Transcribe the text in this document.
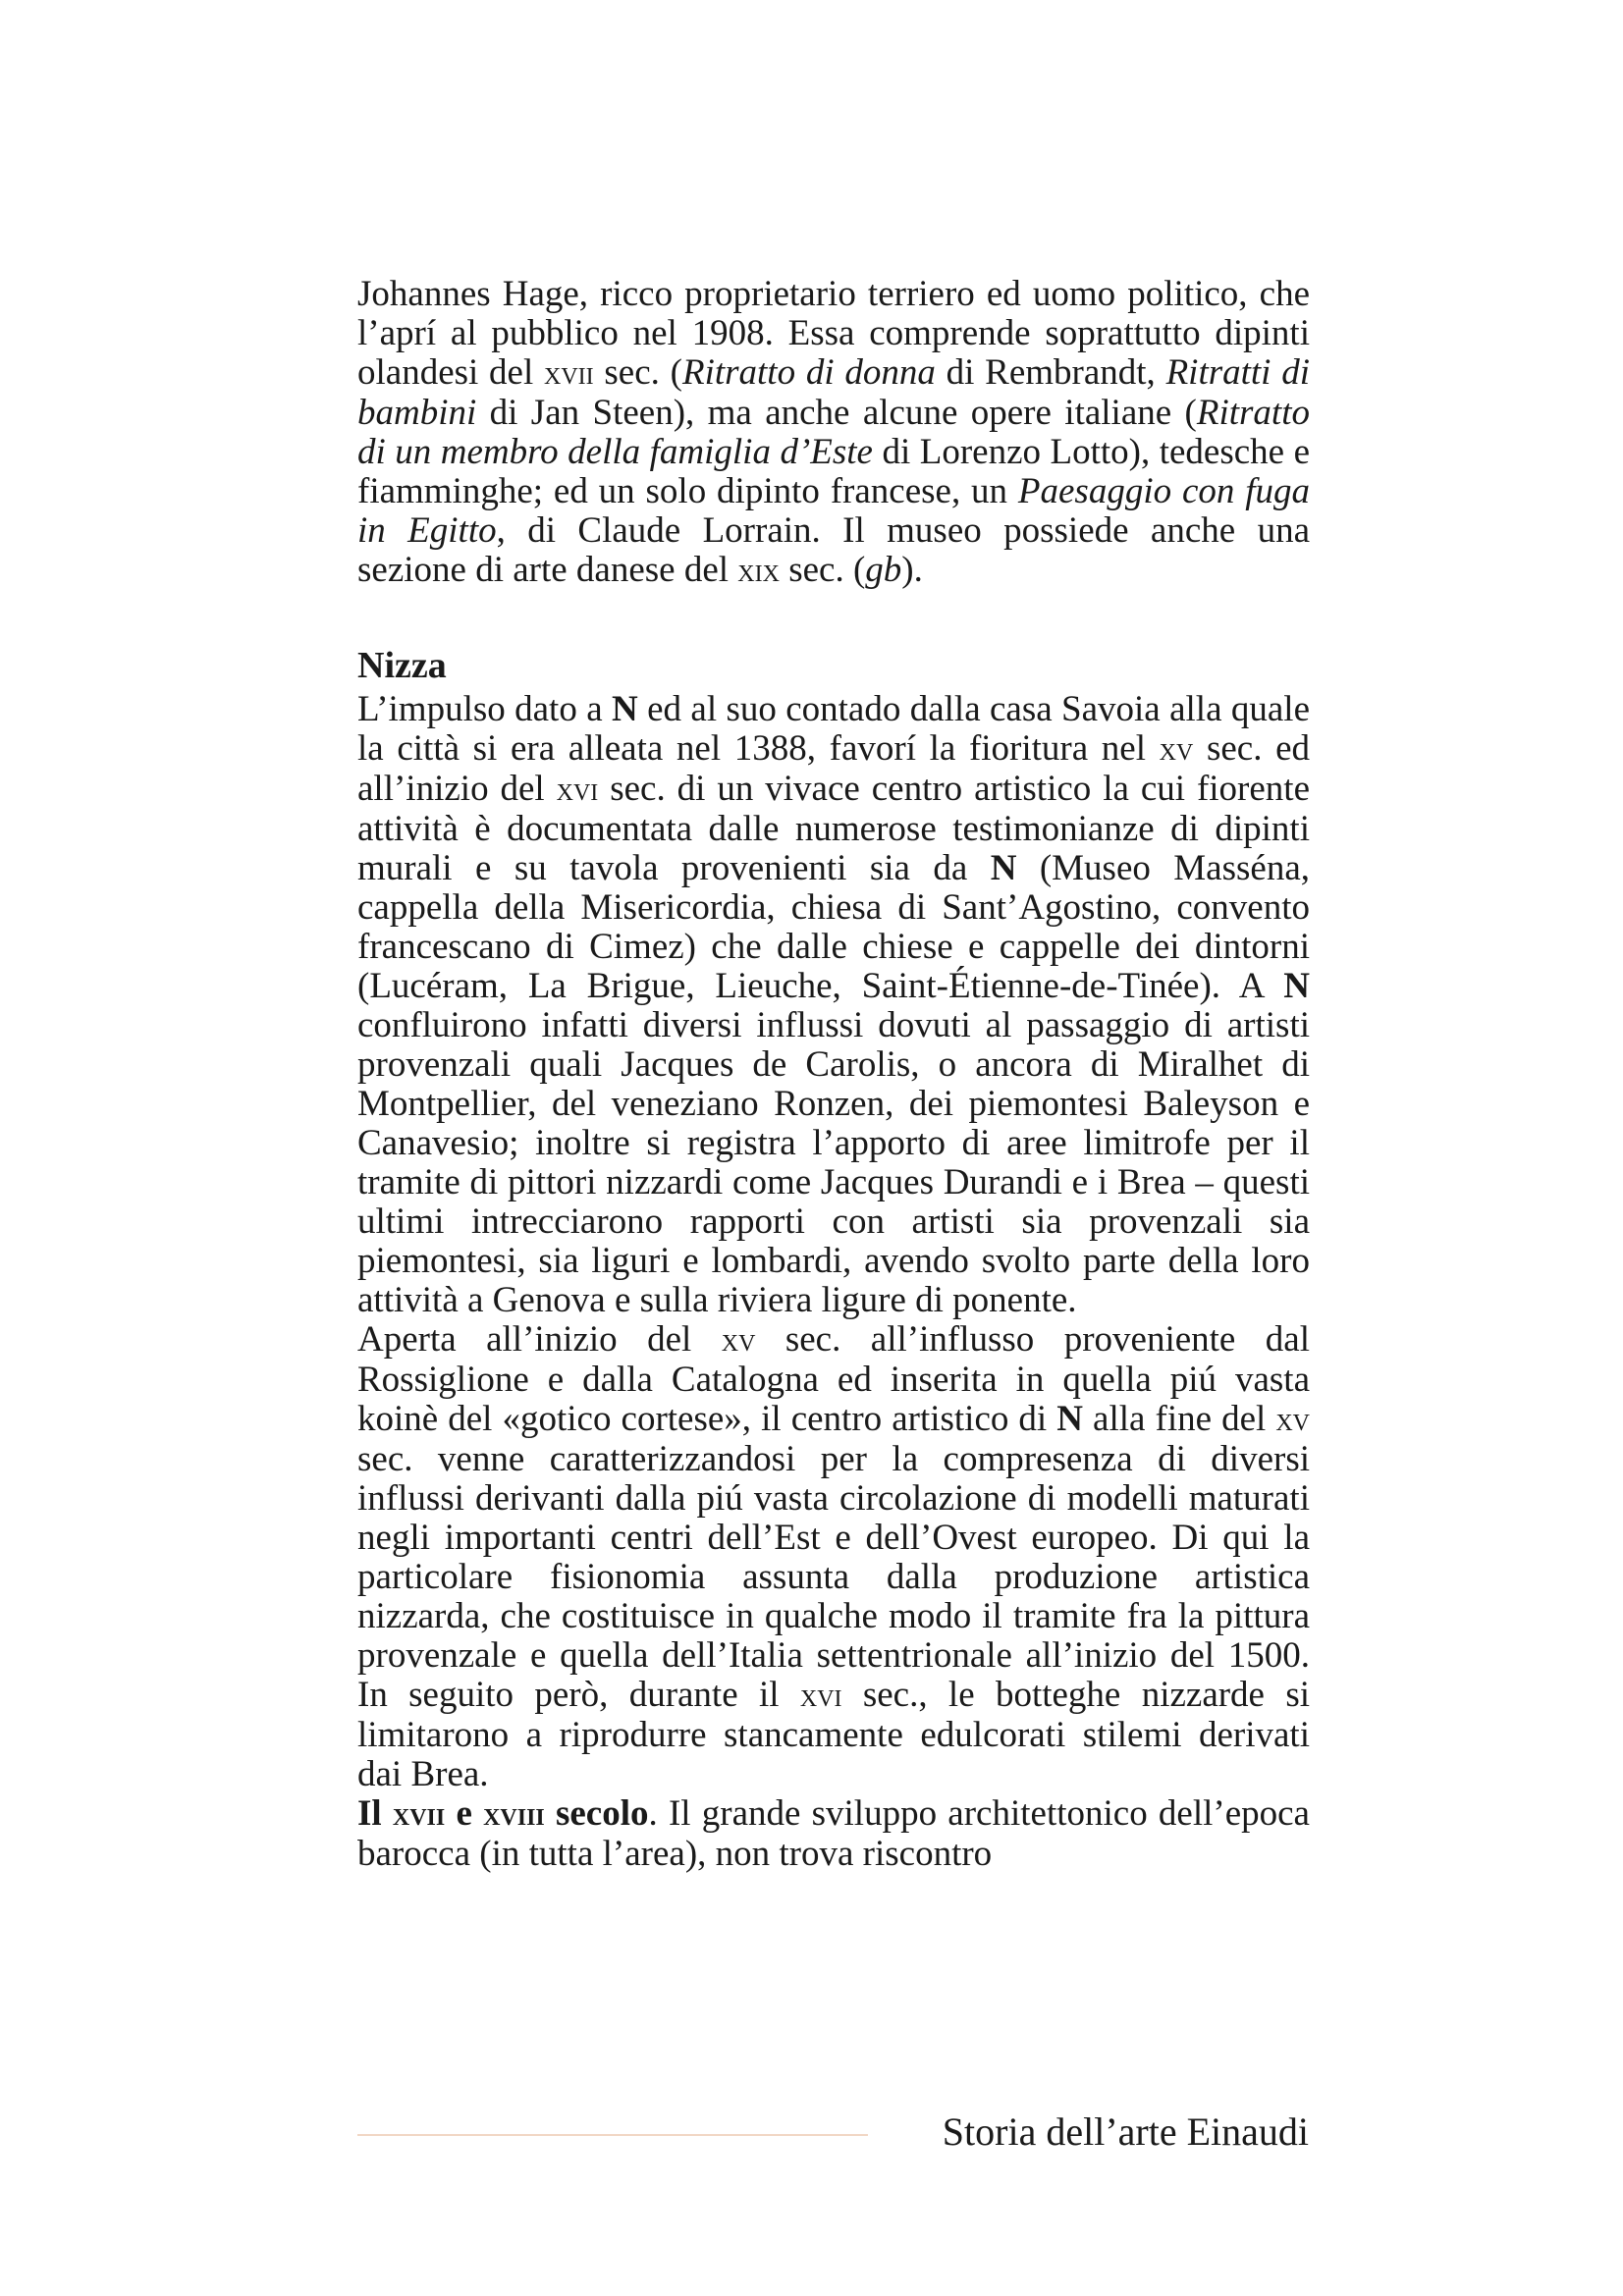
Johannes Hage, ricco proprietario terriero ed uomo politico, che l’aprí al pubblico nel 1908. Essa comprende soprattutto dipinti olandesi del xvii sec. (Ritratto di donna di Rembrandt, Ritratti di bambini di Jan Steen), ma anche alcune opere italiane (Ritratto di un membro della famiglia d’Este di Lorenzo Lotto), tedesche e fiamminghe; ed un solo dipinto francese, un Paesaggio con fuga in Egitto, di Claude Lorrain. Il museo possiede anche una sezione di arte danese del xix sec. (gb).

Nizza

L’impulso dato a N ed al suo contado dalla casa Savoia alla quale la città si era alleata nel 1388, favorí la fioritura nel xv sec. ed all’inizio del xvi sec. di un vivace centro artistico la cui fiorente attività è documentata dalle numerose testimonianze di dipinti murali e su tavola provenienti sia da N (Museo Masséna, cappella della Misericordia, chiesa di Sant’Agostino, convento francescano di Cimez) che dalle chiese e cappelle dei dintorni (Lucéram, La Brigue, Lieuche, Saint-Étienne-de-Tinée). A N confluirono infatti diversi influssi dovuti al passaggio di artisti provenzali quali Jacques de Carolis, o ancora di Miralhet di Montpellier, del veneziano Ronzen, dei piemontesi Baleyson e Canavesio; inoltre si registra l’apporto di aree limitrofe per il tramite di pittori nizzardi come Jacques Durandi e i Brea – questi ultimi intrecciarono rapporti con artisti sia provenzali sia piemontesi, sia liguri e lombardi, avendo svolto parte della loro attività a Genova e sulla riviera ligure di ponente.

Aperta all’inizio del xv sec. all’influsso proveniente dal Rossiglione e dalla Catalogna ed inserita in quella piú vasta koinè del «gotico cortese», il centro artistico di N alla fine del xv sec. venne caratterizzandosi per la compresenza di diversi influssi derivanti dalla piú vasta circolazione di modelli maturati negli importanti centri dell’Est e dell’Ovest europeo. Di qui la particolare fisionomia assunta dalla produzione artistica nizzarda, che costituisce in qualche modo il tramite fra la pittura provenzale e quella dell’Italia settentrionale all’inizio del 1500. In seguito però, durante il xvi sec., le botteghe nizzarde si limitarono a riprodurre stancamente edulcorati stilemi derivati dai Brea.

Il xvii e xviii secolo. Il grande sviluppo architettonico dell’epoca barocca (in tutta l’area), non trova riscontro

Storia dell’arte Einaudi
